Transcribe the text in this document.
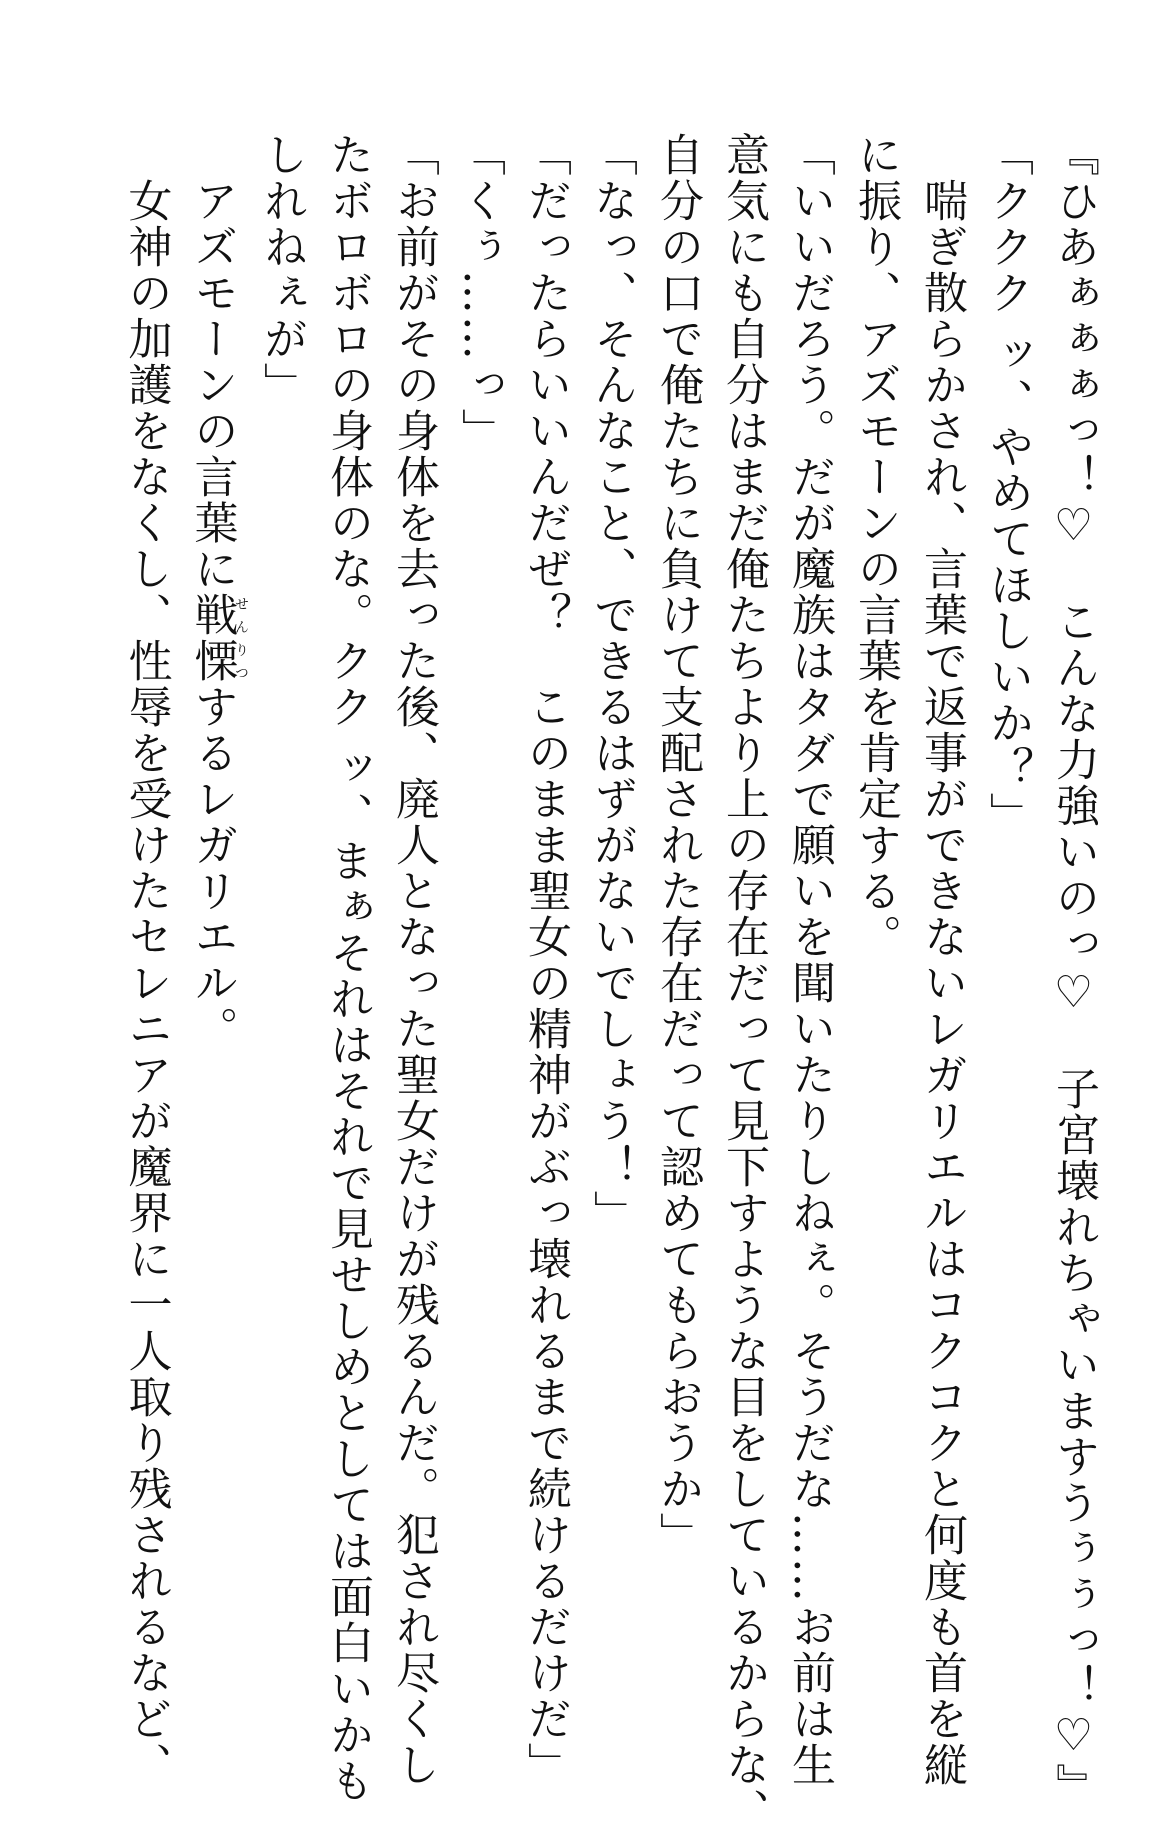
『ひあぁぁぁっ！♡　こんな力強いのっ♡　子宮壊れちゃいますうぅぅっ！♡』
「ククク ッ、やめてほしいか？」
　喘ぎ散らかされ、言葉で返事ができないレガリエルはコクコクと何度も首を縦
に振り、アズモーンの言葉を肯定する。
「いいだろう。だが魔族はタダで願いを聞いたりしねぇ。そうだな……お前は生
意気にも自分はまだ俺たちより上の存在だって見下すような目をしているからな、
自分の口で俺たちに負けて支配された存在だって認めてもらおうか」
「なっ、そんなこと、できるはずがないでしょう！」
「だったらいいんだぜ？　このまま聖女の精神がぶっ壊れるまで続けるだけだ」
「くぅ……っ」
「お前がその身体を去った後、廃人となった聖女だけが残るんだ。犯され尽くし
たボロボロの身体のな。クク ッ、まぁそれはそれで見せしめとしては面白いかも
しれねぇが」
　アズモーンの言葉に戦慄せんりつするレガリエル。
　女神の加護をなくし、性辱を受けたセレニアが魔界に一人取り残されるなど、
